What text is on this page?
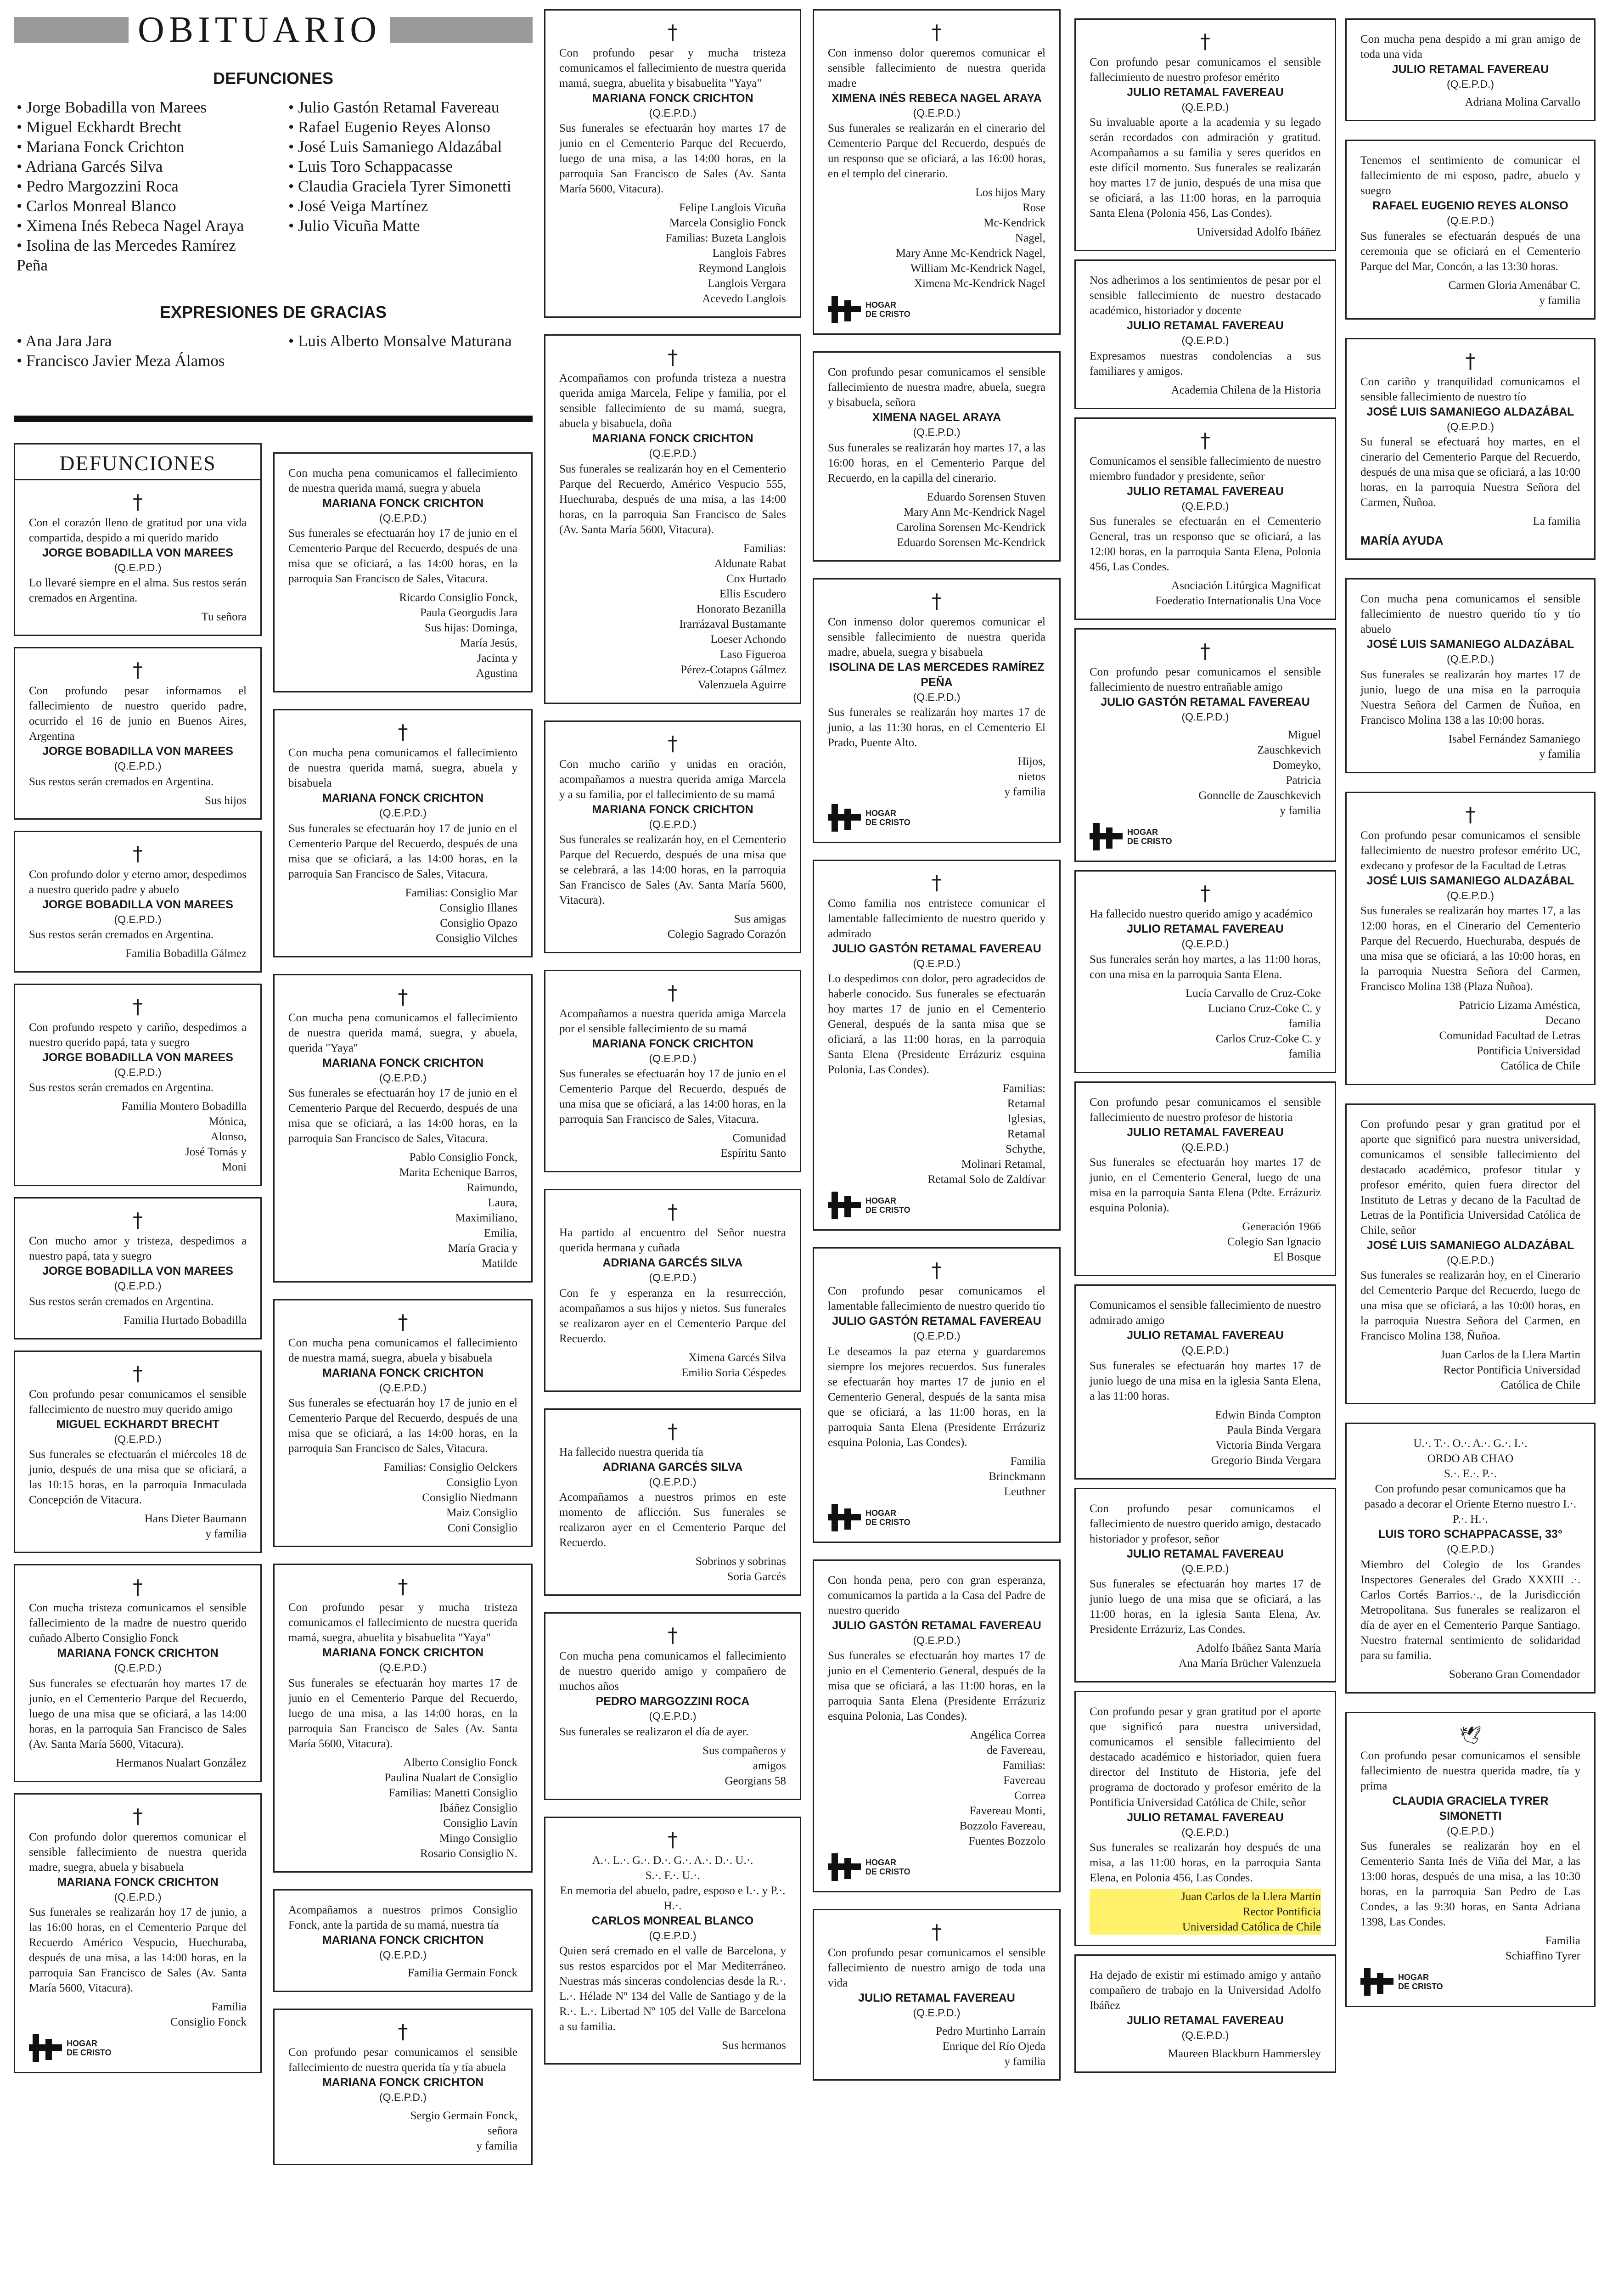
OBITUARIO
DEFUNCIONES
• Jorge Bobadilla von Marees
• Miguel Eckhardt Brecht
• Mariana Fonck Crichton
• Adriana Garcés Silva
• Pedro Margozzini Roca
• Carlos Monreal Blanco
• Ximena Inés Rebeca Nagel Araya
• Isolina de las Mercedes Ramírez Peña
• Julio Gastón Retamal Favereau
• Rafael Eugenio Reyes Alonso
• José Luis Samaniego Aldazábal
• Luis Toro Schappacasse
• Claudia Graciela Tyrer Simonetti
• José Veiga Martínez
• Julio Vicuña Matte
EXPRESIONES DE GRACIAS
• Ana Jara Jara
• Francisco Javier Meza Álamos
• Luis Alberto Monsalve Maturana
DEFUNCIONES
†
Con el corazón lleno de gratitud por una vida compartida, despido a mi querido marido
JORGE BOBADILLA VON MAREES
(Q.E.P.D.)
Lo llevaré siempre en el alma. Sus restos serán cremados en Argentina.
Tu señora
†
Con profundo pesar informamos el fallecimiento de nuestro querido padre, ocurrido el 16 de junio en Buenos Aires, Argentina
JORGE BOBADILLA VON MAREES
(Q.E.P.D.)
Sus restos serán cremados en Argentina.
Sus hijos
†
Con profundo dolor y eterno amor, despedimos a nuestro querido padre y abuelo
JORGE BOBADILLA VON MAREES
(Q.E.P.D.)
Sus restos serán cremados en Argentina.
Familia Bobadilla Gálmez
†
Con profundo respeto y cariño, despedimos a nuestro querido papá, tata y suegro
JORGE BOBADILLA VON MAREES
(Q.E.P.D.)
Sus restos serán cremados en Argentina.
Familia Montero Bobadilla
Mónica,
Alonso,
José Tomás y
Moni
†
Con mucho amor y tristeza, despedimos a nuestro papá, tata y suegro
JORGE BOBADILLA VON MAREES
(Q.E.P.D.)
Sus restos serán cremados en Argentina.
Familia Hurtado Bobadilla
†
Con profundo pesar comunicamos el sensible fallecimiento de nuestro muy querido amigo
MIGUEL ECKHARDT BRECHT
(Q.E.P.D.)
Sus funerales se efectuarán el miércoles 18 de junio, después de una misa que se oficiará, a las 10:15 horas, en la parroquia Inmaculada Concepción de Vitacura.
Hans Dieter Baumann
y familia
†
Con mucha tristeza comunicamos el sensible fallecimiento de la madre de nuestro querido cuñado Alberto Consiglio Fonck
MARIANA FONCK CRICHTON
(Q.E.P.D.)
Sus funerales se efectuarán hoy martes 17 de junio, en el Cementerio Parque del Recuerdo, luego de una misa que se oficiará, a las 14:00 horas, en la parroquia San Francisco de Sales (Av. Santa María 5600, Vitacura).
Hermanos Nualart González
†
Con profundo dolor queremos comunicar el sensible fallecimiento de nuestra querida madre, suegra, abuela y bisabuela
MARIANA FONCK CRICHTON
(Q.E.P.D.)
Sus funerales se realizarán hoy 17 de junio, a las 16:00 horas, en el Cementerio Parque del Recuerdo Américo Vespucio, Huechuraba, después de una misa, a las 14:00 horas, en la parroquia San Francisco de Sales (Av. Santa María 5600, Vitacura).
Familia
Consiglio Fonck
HOGAR
DE CRISTO
Con mucha pena comunicamos el fallecimiento de nuestra querida mamá, suegra y abuela
MARIANA FONCK CRICHTON
(Q.E.P.D.)
Sus funerales se efectuarán hoy 17 de junio en el Cementerio Parque del Recuerdo, después de una misa que se oficiará, a las 14:00 horas, en la parroquia San Francisco de Sales, Vitacura.
Ricardo Consiglio Fonck,
Paula Georgudis Jara
Sus hijas: Dominga,
María Jesús,
Jacinta y
Agustina
†
Con mucha pena comunicamos el fallecimiento de nuestra querida mamá, suegra, abuela y bisabuela
MARIANA FONCK CRICHTON
(Q.E.P.D.)
Sus funerales se efectuarán hoy 17 de junio en el Cementerio Parque del Recuerdo, después de una misa que se oficiará, a las 14:00 horas, en la parroquia San Francisco de Sales, Vitacura.
Familias: Consiglio Mar
Consiglio Illanes
Consiglio Opazo
Consiglio Vilches
†
Con mucha pena comunicamos el fallecimiento de nuestra querida mamá, suegra, y abuela, querida "Yaya"
MARIANA FONCK CRICHTON
(Q.E.P.D.)
Sus funerales se efectuarán hoy 17 de junio en el Cementerio Parque del Recuerdo, después de una misa que se oficiará, a las 14:00 horas, en la parroquia San Francisco de Sales, Vitacura.
Pablo Consiglio Fonck,
Marita Echenique Barros,
Raimundo,
Laura,
Maximiliano,
Emilia,
María Gracia y
Matilde
†
Con mucha pena comunicamos el fallecimiento de nuestra mamá, suegra, abuela y bisabuela
MARIANA FONCK CRICHTON
(Q.E.P.D.)
Sus funerales se efectuarán hoy 17 de junio en el Cementerio Parque del Recuerdo, después de una misa que se oficiará, a las 14:00 horas, en la parroquia San Francisco de Sales, Vitacura.
Familias: Consiglio Oelckers
Consiglio Lyon
Consiglio Niedmann
Maiz Consiglio
Coni Consiglio
†
Con profundo pesar y mucha tristeza comunicamos el fallecimiento de nuestra querida mamá, suegra, abuelita y bisabuelita "Yaya"
MARIANA FONCK CRICHTON
(Q.E.P.D.)
Sus funerales se efectuarán hoy martes 17 de junio en el Cementerio Parque del Recuerdo, luego de una misa, a las 14:00 horas, en la parroquia San Francisco de Sales (Av. Santa María 5600, Vitacura).
Alberto Consiglio Fonck
Paulina Nualart de Consiglio
Familias: Manetti Consiglio
Ibáñez Consiglio
Consiglio Lavín
Mingo Consiglio
Rosario Consiglio N.
Acompañamos a nuestros primos Consiglio Fonck, ante la partida de su mamá, nuestra tía
MARIANA FONCK CRICHTON
(Q.E.P.D.)
Familia Germain Fonck
†
Con profundo pesar comunicamos el sensible fallecimiento de nuestra querida tía y tía abuela
MARIANA FONCK CRICHTON
(Q.E.P.D.)
Sergio Germain Fonck,
señora
y familia
†
Con profundo pesar y mucha tristeza comunicamos el fallecimiento de nuestra querida mamá, suegra, abuelita y bisabuelita "Yaya"
MARIANA FONCK CRICHTON
(Q.E.P.D.)
Sus funerales se efectuarán hoy martes 17 de junio en el Cementerio Parque del Recuerdo, luego de una misa, a las 14:00 horas, en la parroquia San Francisco de Sales (Av. Santa María 5600, Vitacura).
Felipe Langlois Vicuña
Marcela Consiglio Fonck
Familias: Buzeta Langlois
Langlois Fabres
Reymond Langlois
Langlois Vergara
Acevedo Langlois
†
Acompañamos con profunda tristeza a nuestra querida amiga Marcela, Felipe y familia, por el sensible fallecimiento de su mamá, suegra, abuela y bisabuela, doña
MARIANA FONCK CRICHTON
(Q.E.P.D.)
Sus funerales se realizarán hoy en el Cementerio Parque del Recuerdo, Américo Vespucio 555, Huechuraba, después de una misa, a las 14:00 horas, en la parroquia San Francisco de Sales (Av. Santa María 5600, Vitacura).
Familias:
Aldunate Rabat
Cox Hurtado
Ellis Escudero
Honorato Bezanilla
Irarrázaval Bustamante
Loeser Achondo
Laso Figueroa
Pérez-Cotapos Gálmez
Valenzuela Aguirre
†
Con mucho cariño y unidas en oración, acompañamos a nuestra querida amiga Marcela y a su familia, por el fallecimiento de su mamá
MARIANA FONCK CRICHTON
(Q.E.P.D.)
Sus funerales se realizarán hoy, en el Cementerio Parque del Recuerdo, después de una misa que se celebrará, a las 14:00 horas, en la parroquia San Francisco de Sales (Av. Santa María 5600, Vitacura).
Sus amigas
Colegio Sagrado Corazón
†
Acompañamos a nuestra querida amiga Marcela por el sensible fallecimiento de su mamá
MARIANA FONCK CRICHTON
(Q.E.P.D.)
Sus funerales se efectuarán hoy 17 de junio en el Cementerio Parque del Recuerdo, después de una misa que se oficiará, a las 14:00 horas, en la parroquia San Francisco de Sales, Vitacura.
Comunidad
Espíritu Santo
†
Ha partido al encuentro del Señor nuestra querida hermana y cuñada
ADRIANA GARCÉS SILVA
(Q.E.P.D.)
Con fe y esperanza en la resurrección, acompañamos a sus hijos y nietos. Sus funerales se realizaron ayer en el Cementerio Parque del Recuerdo.
Ximena Garcés Silva
Emilio Soria Céspedes
†
Ha fallecido nuestra querida tía
ADRIANA GARCÉS SILVA
(Q.E.P.D.)
Acompañamos a nuestros primos en este momento de aflicción. Sus funerales se realizaron ayer en el Cementerio Parque del Recuerdo.
Sobrinos y sobrinas
Soria Garcés
†
Con mucha pena comunicamos el fallecimiento de nuestro querido amigo y compañero de muchos años
PEDRO MARGOZZINI ROCA
(Q.E.P.D.)
Sus funerales se realizaron el día de ayer.
Sus compañeros y
amigos
Georgians 58
†
A.·. L.·. G.·. D.·. G.·. A.·. D.·. U.·.
S.·. F.·. U.·.
En memoria del abuelo, padre, esposo e I.·. y P.·. H.·.
CARLOS MONREAL BLANCO
(Q.E.P.D.)
Quien será cremado en el valle de Barcelona, y sus restos esparcidos por el Mar Mediterráneo. Nuestras más sinceras condolencias desde la R.·. L.·. Hélade Nº 134 del Valle de Santiago y de la R.·. L.·. Libertad Nº 105 del Valle de Barcelona a su familia.
Sus hermanos
†
Con inmenso dolor queremos comunicar el sensible fallecimiento de nuestra querida madre
XIMENA INÉS REBECA NAGEL ARAYA
(Q.E.P.D.)
Sus funerales se realizarán en el cinerario del Cementerio Parque del Recuerdo, después de un responso que se oficiará, a las 16:00 horas, en el templo del cinerario.
Los hijos Mary
Rose
Mc-Kendrick
Nagel,
Mary Anne Mc-Kendrick Nagel,
William Mc-Kendrick Nagel,
Ximena Mc-Kendrick Nagel
HOGAR
DE CRISTO
Con profundo pesar comunicamos el sensible fallecimiento de nuestra madre, abuela, suegra y bisabuela, señora
XIMENA NAGEL ARAYA
(Q.E.P.D.)
Sus funerales se realizarán hoy martes 17, a las 16:00 horas, en el Cementerio Parque del Recuerdo, en la capilla del cinerario.
Eduardo Sorensen Stuven
Mary Ann Mc-Kendrick Nagel
Carolina Sorensen Mc-Kendrick
Eduardo Sorensen Mc-Kendrick
†
Con inmenso dolor queremos comunicar el sensible fallecimiento de nuestra querida madre, abuela, suegra y bisabuela
ISOLINA DE LAS MERCEDES RAMÍREZ PEÑA
(Q.E.P.D.)
Sus funerales se realizarán hoy martes 17 de junio, a las 11:30 horas, en el Cementerio El Prado, Puente Alto.
Hijos,
nietos
y familia
HOGAR
DE CRISTO
†
Como familia nos entristece comunicar el lamentable fallecimiento de nuestro querido y admirado
JULIO GASTÓN RETAMAL FAVEREAU
(Q.E.P.D.)
Lo despedimos con dolor, pero agradecidos de haberle conocido. Sus funerales se efectuarán hoy martes 17 de junio en el Cementerio General, después de la santa misa que se oficiará, a las 11:00 horas, en la parroquia Santa Elena (Presidente Errázuriz esquina Polonia, Las Condes).
Familias:
Retamal
Iglesias,
Retamal
Schythe,
Molinari Retamal,
Retamal Solo de Zaldívar
HOGAR
DE CRISTO
†
Con profundo pesar comunicamos el lamentable fallecimiento de nuestro querido tío
JULIO GASTÓN RETAMAL FAVEREAU
(Q.E.P.D.)
Le deseamos la paz eterna y guardaremos siempre los mejores recuerdos. Sus funerales se efectuarán hoy martes 17 de junio en el Cementerio General, después de la santa misa que se oficiará, a las 11:00 horas, en la parroquia Santa Elena (Presidente Errázuriz esquina Polonia, Las Condes).
Familia
Brinckmann
Leuthner
HOGAR
DE CRISTO
Con honda pena, pero con gran esperanza, comunicamos la partida a la Casa del Padre de nuestro querido
JULIO GASTÓN RETAMAL FAVEREAU
(Q.E.P.D.)
Sus funerales se efectuarán hoy martes 17 de junio en el Cementerio General, después de la misa que se oficiará, a las 11:00 horas, en la parroquia Santa Elena (Presidente Errázuriz esquina Polonia, Las Condes).
Angélica Correa
de Favereau,
Familias:
Favereau
Correa
Favereau Monti,
Bozzolo Favereau,
Fuentes Bozzolo
HOGAR
DE CRISTO
†
Con profundo pesar comunicamos el sensible fallecimiento de nuestro amigo de toda una vida
JULIO RETAMAL FAVEREAU
(Q.E.P.D.)
Pedro Murtinho Larraín
Enrique del Río Ojeda
y familia
†
Con profundo pesar comunicamos el sensible fallecimiento de nuestro profesor emérito
JULIO RETAMAL FAVEREAU
(Q.E.P.D.)
Su invaluable aporte a la academia y su legado serán recordados con admiración y gratitud. Acompañamos a su familia y seres queridos en este difícil momento. Sus funerales se realizarán hoy martes 17 de junio, después de una misa que se oficiará, a las 11:00 horas, en la parroquia Santa Elena (Polonia 456, Las Condes).
Universidad Adolfo Ibáñez
Nos adherimos a los sentimientos de pesar por el sensible fallecimiento de nuestro destacado académico, historiador y docente
JULIO RETAMAL FAVEREAU
(Q.E.P.D.)
Expresamos nuestras condolencias a sus familiares y amigos.
Academia Chilena de la Historia
†
Comunicamos el sensible fallecimiento de nuestro miembro fundador y presidente, señor
JULIO RETAMAL FAVEREAU
(Q.E.P.D.)
Sus funerales se efectuarán en el Cementerio General, tras un responso que se oficiará, a las 12:00 horas, en la parroquia Santa Elena, Polonia 456, Las Condes.
Asociación Litúrgica Magnificat
Foederatio Internationalis Una Voce
†
Con profundo pesar comunicamos el sensible fallecimiento de nuestro entrañable amigo
JULIO GASTÓN RETAMAL FAVEREAU
(Q.E.P.D.)
Miguel
Zauschkevich
Domeyko,
Patricia
Gonnelle de Zauschkevich
y familia
HOGAR
DE CRISTO
†
Ha fallecido nuestro querido amigo y académico
JULIO RETAMAL FAVEREAU
(Q.E.P.D.)
Sus funerales serán hoy martes, a las 11:00 horas, con una misa en la parroquia Santa Elena.
Lucía Carvallo de Cruz-Coke
Luciano Cruz-Coke C. y
familia
Carlos Cruz-Coke C. y
familia
Con profundo pesar comunicamos el sensible fallecimiento de nuestro profesor de historia
JULIO RETAMAL FAVEREAU
(Q.E.P.D.)
Sus funerales se efectuarán hoy martes 17 de junio, en el Cementerio General, luego de una misa en la parroquia Santa Elena (Pdte. Errázuriz esquina Polonia).
Generación 1966
Colegio San Ignacio
El Bosque
Comunicamos el sensible fallecimiento de nuestro admirado amigo
JULIO RETAMAL FAVEREAU
(Q.E.P.D.)
Sus funerales se efectuarán hoy martes 17 de junio luego de una misa en la iglesia Santa Elena, a las 11:00 horas.
Edwin Binda Compton
Paula Binda Vergara
Victoria Binda Vergara
Gregorio Binda Vergara
Con profundo pesar comunicamos el fallecimiento de nuestro querido amigo, destacado historiador y profesor, señor
JULIO RETAMAL FAVEREAU
(Q.E.P.D.)
Sus funerales se efectuarán hoy martes 17 de junio luego de una misa que se oficiará, a las 11:00 horas, en la iglesia Santa Elena, Av. Presidente Errázuriz, Las Condes.
Adolfo Ibáñez Santa María
Ana María Brücher Valenzuela
Con profundo pesar y gran gratitud por el aporte que significó para nuestra universidad, comunicamos el sensible fallecimiento del destacado académico e historiador, quien fuera director del Instituto de Historia, jefe del programa de doctorado y profesor emérito de la Pontificia Universidad Católica de Chile, señor
JULIO RETAMAL FAVEREAU
(Q.E.P.D.)
Sus funerales se realizarán hoy después de una misa, a las 11:00 horas, en la parroquia Santa Elena, en Polonia 456, Las Condes.
Juan Carlos de la Llera Martin
Rector Pontificia
Universidad Católica de Chile
Ha dejado de existir mi estimado amigo y antaño compañero de trabajo en la Universidad Adolfo Ibáñez
JULIO RETAMAL FAVEREAU
(Q.E.P.D.)
Maureen Blackburn Hammersley
Con mucha pena despido a mi gran amigo de toda una vida
JULIO RETAMAL FAVEREAU
(Q.E.P.D.)
Adriana Molina Carvallo
Tenemos el sentimiento de comunicar el fallecimiento de mi esposo, padre, abuelo y suegro
RAFAEL EUGENIO REYES ALONSO
(Q.E.P.D.)
Sus funerales se efectuarán después de una ceremonia que se oficiará en el Cementerio Parque del Mar, Concón, a las 13:30 horas.
Carmen Gloria Amenábar C.
y familia
†
Con cariño y tranquilidad comunicamos el sensible fallecimiento de nuestro tío
JOSÉ LUIS SAMANIEGO ALDAZÁBAL
(Q.E.P.D.)
Su funeral se efectuará hoy martes, en el cinerario del Cementerio Parque del Recuerdo, después de una misa que se oficiará, a las 10:00 horas, en la parroquia Nuestra Señora del Carmen, Ñuñoa.
La familia
MARÍA AYUDA
Con mucha pena comunicamos el sensible fallecimiento de nuestro querido tío y tío abuelo
JOSÉ LUIS SAMANIEGO ALDAZÁBAL
(Q.E.P.D.)
Sus funerales se realizarán hoy martes 17 de junio, luego de una misa en la parroquia Nuestra Señora del Carmen de Ñuñoa, en Francisco Molina 138 a las 10:00 horas.
Isabel Fernández Samaniego
y familia
†
Con profundo pesar comunicamos el sensible fallecimiento de nuestro profesor emérito UC, exdecano y profesor de la Facultad de Letras
JOSÉ LUIS SAMANIEGO ALDAZÁBAL
(Q.E.P.D.)
Sus funerales se realizarán hoy martes 17, a las 12:00 horas, en el Cinerario del Cementerio Parque del Recuerdo, Huechuraba, después de una misa que se oficiará, a las 10:00 horas, en la parroquia Nuestra Señora del Carmen, Francisco Molina 138 (Plaza Ñuñoa).
Patricio Lizama Améstica,
Decano
Comunidad Facultad de Letras
Pontificia Universidad
Católica de Chile
Con profundo pesar y gran gratitud por el aporte que significó para nuestra universidad, comunicamos el sensible fallecimiento del destacado académico, profesor titular y profesor emérito, quien fuera director del Instituto de Letras y decano de la Facultad de Letras de la Pontificia Universidad Católica de Chile, señor
JOSÉ LUIS SAMANIEGO ALDAZÁBAL
(Q.E.P.D.)
Sus funerales se realizarán hoy, en el Cinerario del Cementerio Parque del Recuerdo, luego de una misa que se oficiará, a las 10:00 horas, en la parroquia Nuestra Señora del Carmen, en Francisco Molina 138, Ñuñoa.
Juan Carlos de la Llera Martin
Rector Pontificia Universidad
Católica de Chile
U.·. T.·. O.·. A.·. G.·. I.·.
ORDO AB CHAO
S.·. E.·. P.·.
Con profundo pesar comunicamos que ha pasado a decorar el Oriente Eterno nuestro I.·. P.·. H.·.
LUIS TORO SCHAPPACASSE, 33°
(Q.E.P.D.)
Miembro del Colegio de los Grandes Inspectores Generales del Grado XXXIII .·. Carlos Cortés Barrios.·., de la Jurisdicción Metropolitana. Sus funerales se realizaron el día de ayer en el Cementerio Parque Santiago. Nuestro fraternal sentimiento de solidaridad para su familia.
Soberano Gran Comendador
🕊
Con profundo pesar comunicamos el sensible fallecimiento de nuestra querida madre, tía y prima
CLAUDIA GRACIELA TYRER SIMONETTI
(Q.E.P.D.)
Sus funerales se realizarán hoy en el Cementerio Santa Inés de Viña del Mar, a las 13:00 horas, después de una misa, a las 10:30 horas, en la parroquia San Pedro de Las Condes, a las 9:30 horas, en Santa Adriana 1398, Las Condes.
Familia
Schiaffino Tyrer
HOGAR
DE CRISTO
